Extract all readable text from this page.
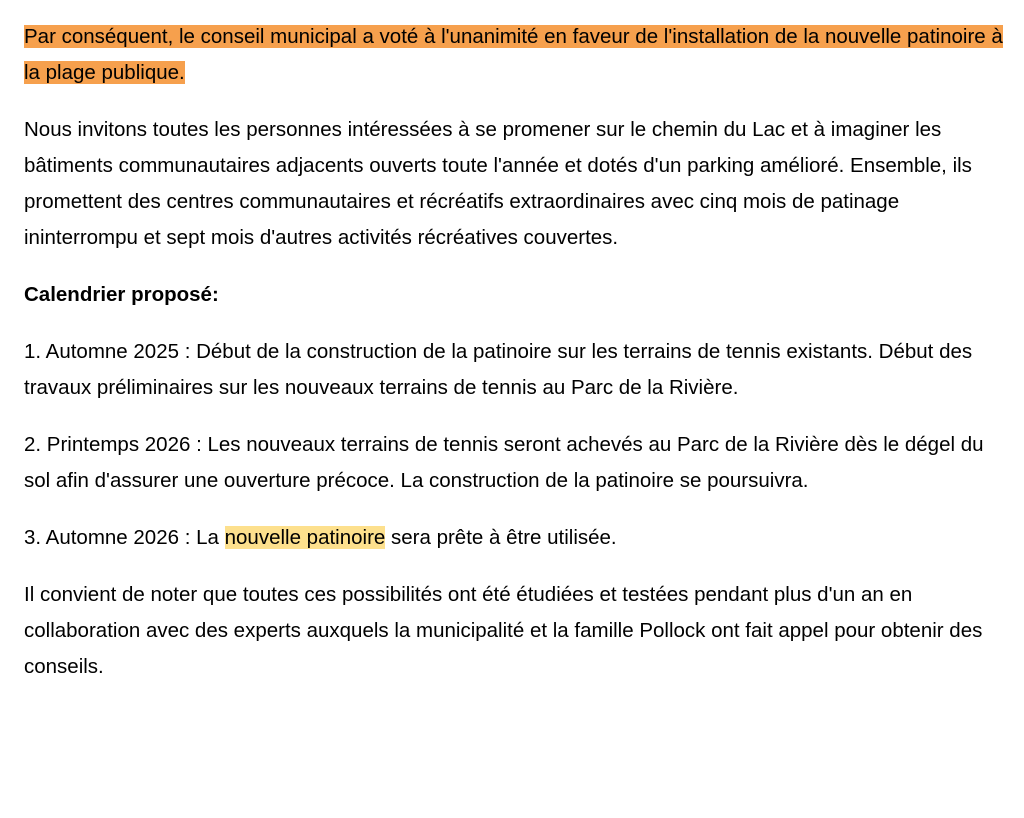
Par conséquent, le conseil municipal a voté à l'unanimité en faveur de l'installation de la nouvelle patinoire à la plage publique.

Nous invitons toutes les personnes intéressées à se promener sur le chemin du Lac et à imaginer les bâtiments communautaires adjacents ouverts toute l'année et dotés d'un parking amélioré. Ensemble, ils promettent des centres communautaires et récréatifs extraordinaires avec cinq mois de patinage ininterrompu et sept mois d'autres activités récréatives couvertes.

Calendrier proposé:

1. Automne 2025 : Début de la construction de la patinoire sur les terrains de tennis existants. Début des travaux préliminaires sur les nouveaux terrains de tennis au Parc de la Rivière.

2. Printemps 2026 : Les nouveaux terrains de tennis seront achevés au Parc de la Rivière dès le dégel du sol afin d'assurer une ouverture précoce. La construction de la patinoire se poursuivra.

3. Automne 2026 : La nouvelle patinoire sera prête à être utilisée.

Il convient de noter que toutes ces possibilités ont été étudiées et testées pendant plus d'un an en collaboration avec des experts auxquels la municipalité et la famille Pollock ont fait appel pour obtenir des conseils.
